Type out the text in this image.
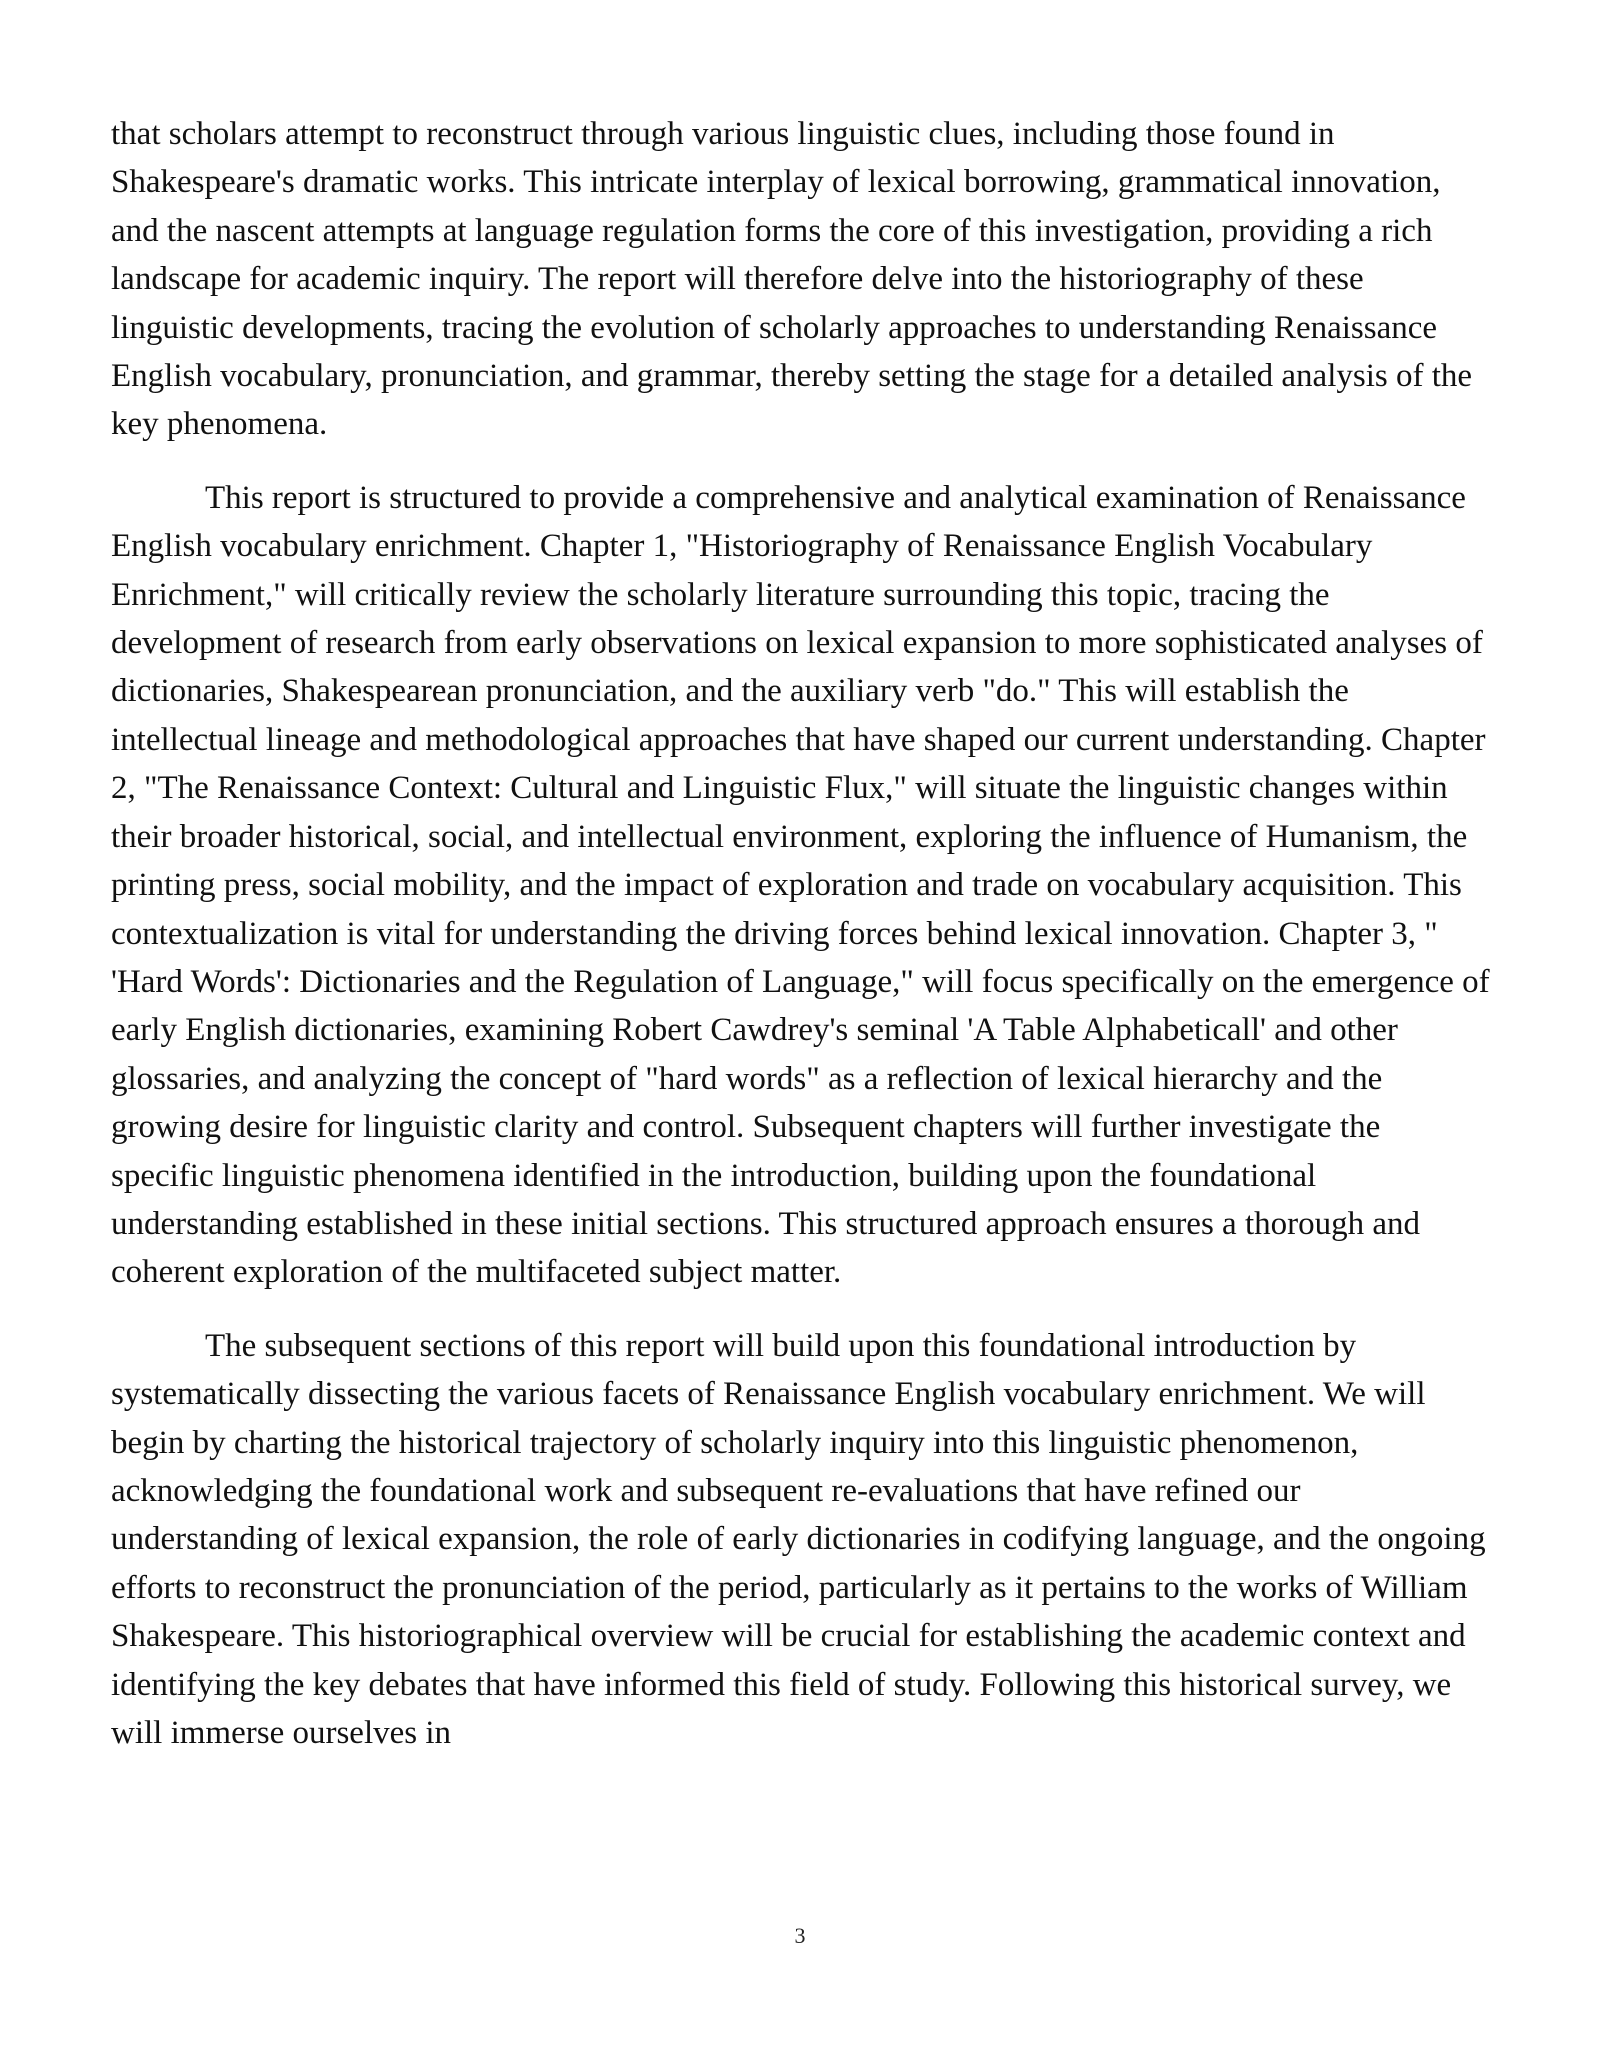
that scholars attempt to reconstruct through various linguistic clues, including those found in Shakespeare's dramatic works. This intricate interplay of lexical borrowing, grammatical innovation, and the nascent attempts at language regulation forms the core of this investigation, providing a rich landscape for academic inquiry. The report will therefore delve into the historiography of these linguistic developments, tracing the evolution of scholarly approaches to understanding Renaissance English vocabulary, pronunciation, and grammar, thereby setting the stage for a detailed analysis of the key phenomena.

This report is structured to provide a comprehensive and analytical examination of Renaissance English vocabulary enrichment. Chapter 1, "Historiography of Renaissance English Vocabulary Enrichment," will critically review the scholarly literature surrounding this topic, tracing the development of research from early observations on lexical expansion to more sophisticated analyses of dictionaries, Shakespearean pronunciation, and the auxiliary verb "do." This will establish the intellectual lineage and methodological approaches that have shaped our current understanding. Chapter 2, "The Renaissance Context: Cultural and Linguistic Flux," will situate the linguistic changes within their broader historical, social, and intellectual environment, exploring the influence of Humanism, the printing press, social mobility, and the impact of exploration and trade on vocabulary acquisition. This contextualization is vital for understanding the driving forces behind lexical innovation. Chapter 3, " 'Hard Words': Dictionaries and the Regulation of Language," will focus specifically on the emergence of early English dictionaries, examining Robert Cawdrey's seminal 'A Table Alphabeticall' and other glossaries, and analyzing the concept of "hard words" as a reflection of lexical hierarchy and the growing desire for linguistic clarity and control. Subsequent chapters will further investigate the specific linguistic phenomena identified in the introduction, building upon the foundational understanding established in these initial sections. This structured approach ensures a thorough and coherent exploration of the multifaceted subject matter.

The subsequent sections of this report will build upon this foundational introduction by systematically dissecting the various facets of Renaissance English vocabulary enrichment. We will begin by charting the historical trajectory of scholarly inquiry into this linguistic phenomenon, acknowledging the foundational work and subsequent re-evaluations that have refined our understanding of lexical expansion, the role of early dictionaries in codifying language, and the ongoing efforts to reconstruct the pronunciation of the period, particularly as it pertains to the works of William Shakespeare. This historiographical overview will be crucial for establishing the academic context and identifying the key debates that have informed this field of study. Following this historical survey, we will immerse ourselves in

3
